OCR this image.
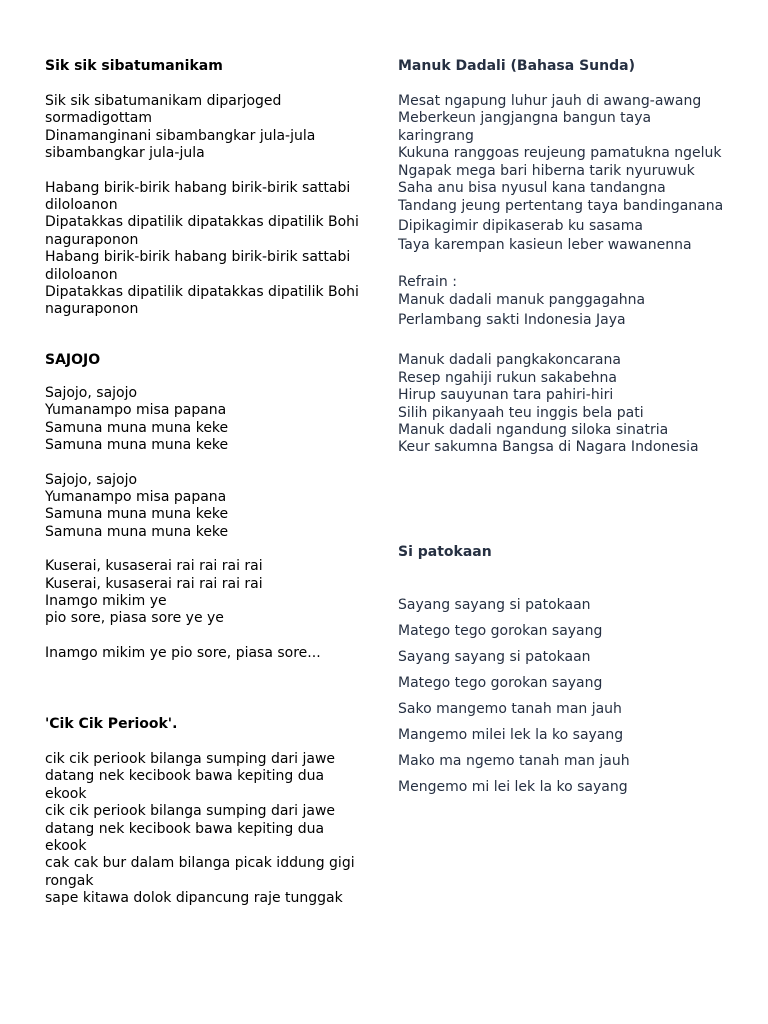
Sik sik sibatumanikam

Sik sik sibatumanikam diparjoged sormadigottam

Dinamanginani sibambangkar jula-jula sibambangkar jula-jula

Habang birik-birik habang birik-birik sattabi diloloanon

Dipatakkas dipatilik dipatakkas dipatilik Bohi naguraponon

Habang birik-birik habang birik-birik sattabi diloloanon

Dipatakkas dipatilik dipatakkas dipatilik Bohi naguraponon

SAJOJO

Sajojo, sajojo

Yumanampo misa papana

Samuna muna muna keke

Samuna muna muna keke

Sajojo, sajojo

Yumanampo misa papana

Samuna muna muna keke

Samuna muna muna keke

Kuserai, kusaserai rai rai rai rai

Kuserai, kusaserai rai rai rai rai

Inamgo mikim ye

pio sore, piasa sore ye ye

Inamgo mikim ye pio sore, piasa sore...

'Cik Cik Periook'.

cik cik periook bilanga sumping dari jawe datang nek kecibook bawa kepiting dua ekook

cik cik periook bilanga sumping dari jawe datang nek kecibook bawa kepiting dua ekook

cak cak bur dalam bilanga picak iddung gigi rongak

sape kitawa dolok dipancung raje tunggak

Manuk Dadali (Bahasa Sunda)

Mesat ngapung luhur jauh di awang-awang

Meberkeun jangjangna bangun taya karingrang

Kukuna ranggoas reujeung pamatukna ngeluk

Ngapak mega bari hiberna tarik nyuruwuk

Saha anu bisa nyusul kana tandangna

Tandang jeung pertentang taya bandinganana

Dipikagimir dipikaserab ku sasama

Taya karempan kasieun leber wawanenna

Refrain :

Manuk dadali manuk panggagahna

Perlambang sakti Indonesia Jaya

Manuk dadali pangkakoncarana

Resep ngahiji rukun sakabehna

Hirup sauyunan tara pahiri-hiri

Silih pikanyaah teu inggis bela pati

Manuk dadali ngandung siloka sinatria

Keur sakumna Bangsa di Nagara Indonesia

Si patokaan

Sayang sayang si patokaan

Matego tego gorokan sayang

Sayang sayang si patokaan

Matego tego gorokan sayang

Sako mangemo tanah man jauh

Mangemo milei lek la ko sayang

Mako ma ngemo tanah man jauh

Mengemo mi lei lek la ko sayang
